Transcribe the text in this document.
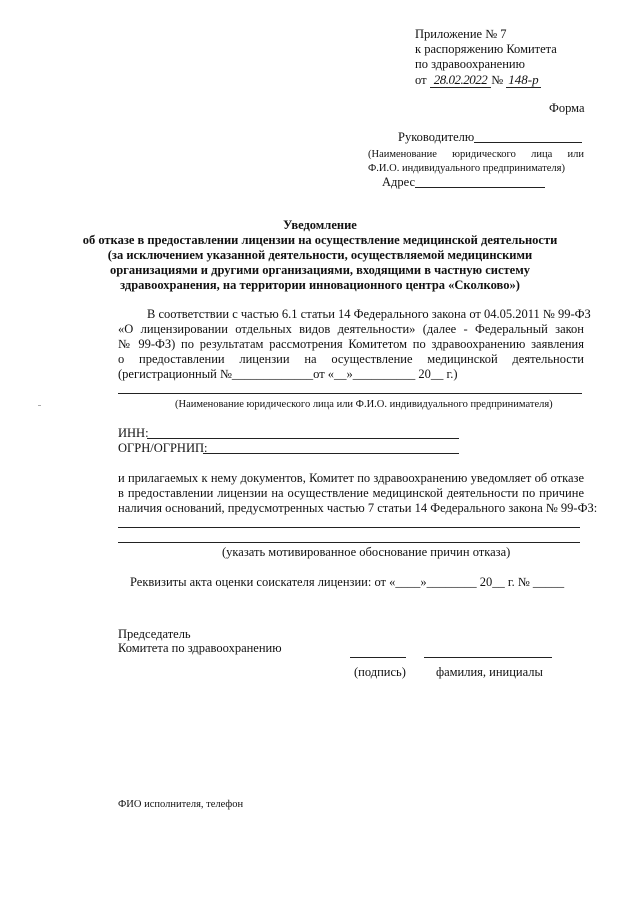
Приложение № 7
к распоряжению Комитета
по здравоохранению
от 28.02.2022 № 148-р
Форма
Руководителю
(Наименование юридического лица или
Ф.И.О. индивидуального предпринимателя)
Адрес
Уведомление
об отказе в предоставлении лицензии на осуществление медицинской деятельности
(за исключением указанной деятельности, осуществляемой медицинскими
организациями и другими организациями, входящими в частную систему
здравоохранения, на территории инновационного центра «Сколково»)
В соответствии с частью 6.1 статьи 14 Федерального закона от 04.05.2011 № 99-ФЗ
«О лицензировании отдельных видов деятельности» (далее - Федеральный закон
№ 99-ФЗ) по результатам рассмотрения Комитетом по здравоохранению заявления
о предоставлении лицензии на осуществление медицинской деятельности
(регистрационный №_____________от «__»__________ 20__ г.)
(Наименование юридического лица или Ф.И.О. индивидуального предпринимателя)
ИНН:
ОГРН/ОГРНИП:
и прилагаемых к нему документов, Комитет по здравоохранению уведомляет об отказе
в предоставлении лицензии на осуществление медицинской деятельности по причине
наличия оснований, предусмотренных частью 7 статьи 14 Федерального закона № 99-ФЗ:
(указать мотивированное обоснование причин отказа)
Реквизиты акта оценки соискателя лицензии: от «____»________ 20__ г. № _____
Председатель
Комитета по здравоохранению
(подпись) фамилия, инициалы
ФИО исполнителя, телефон
